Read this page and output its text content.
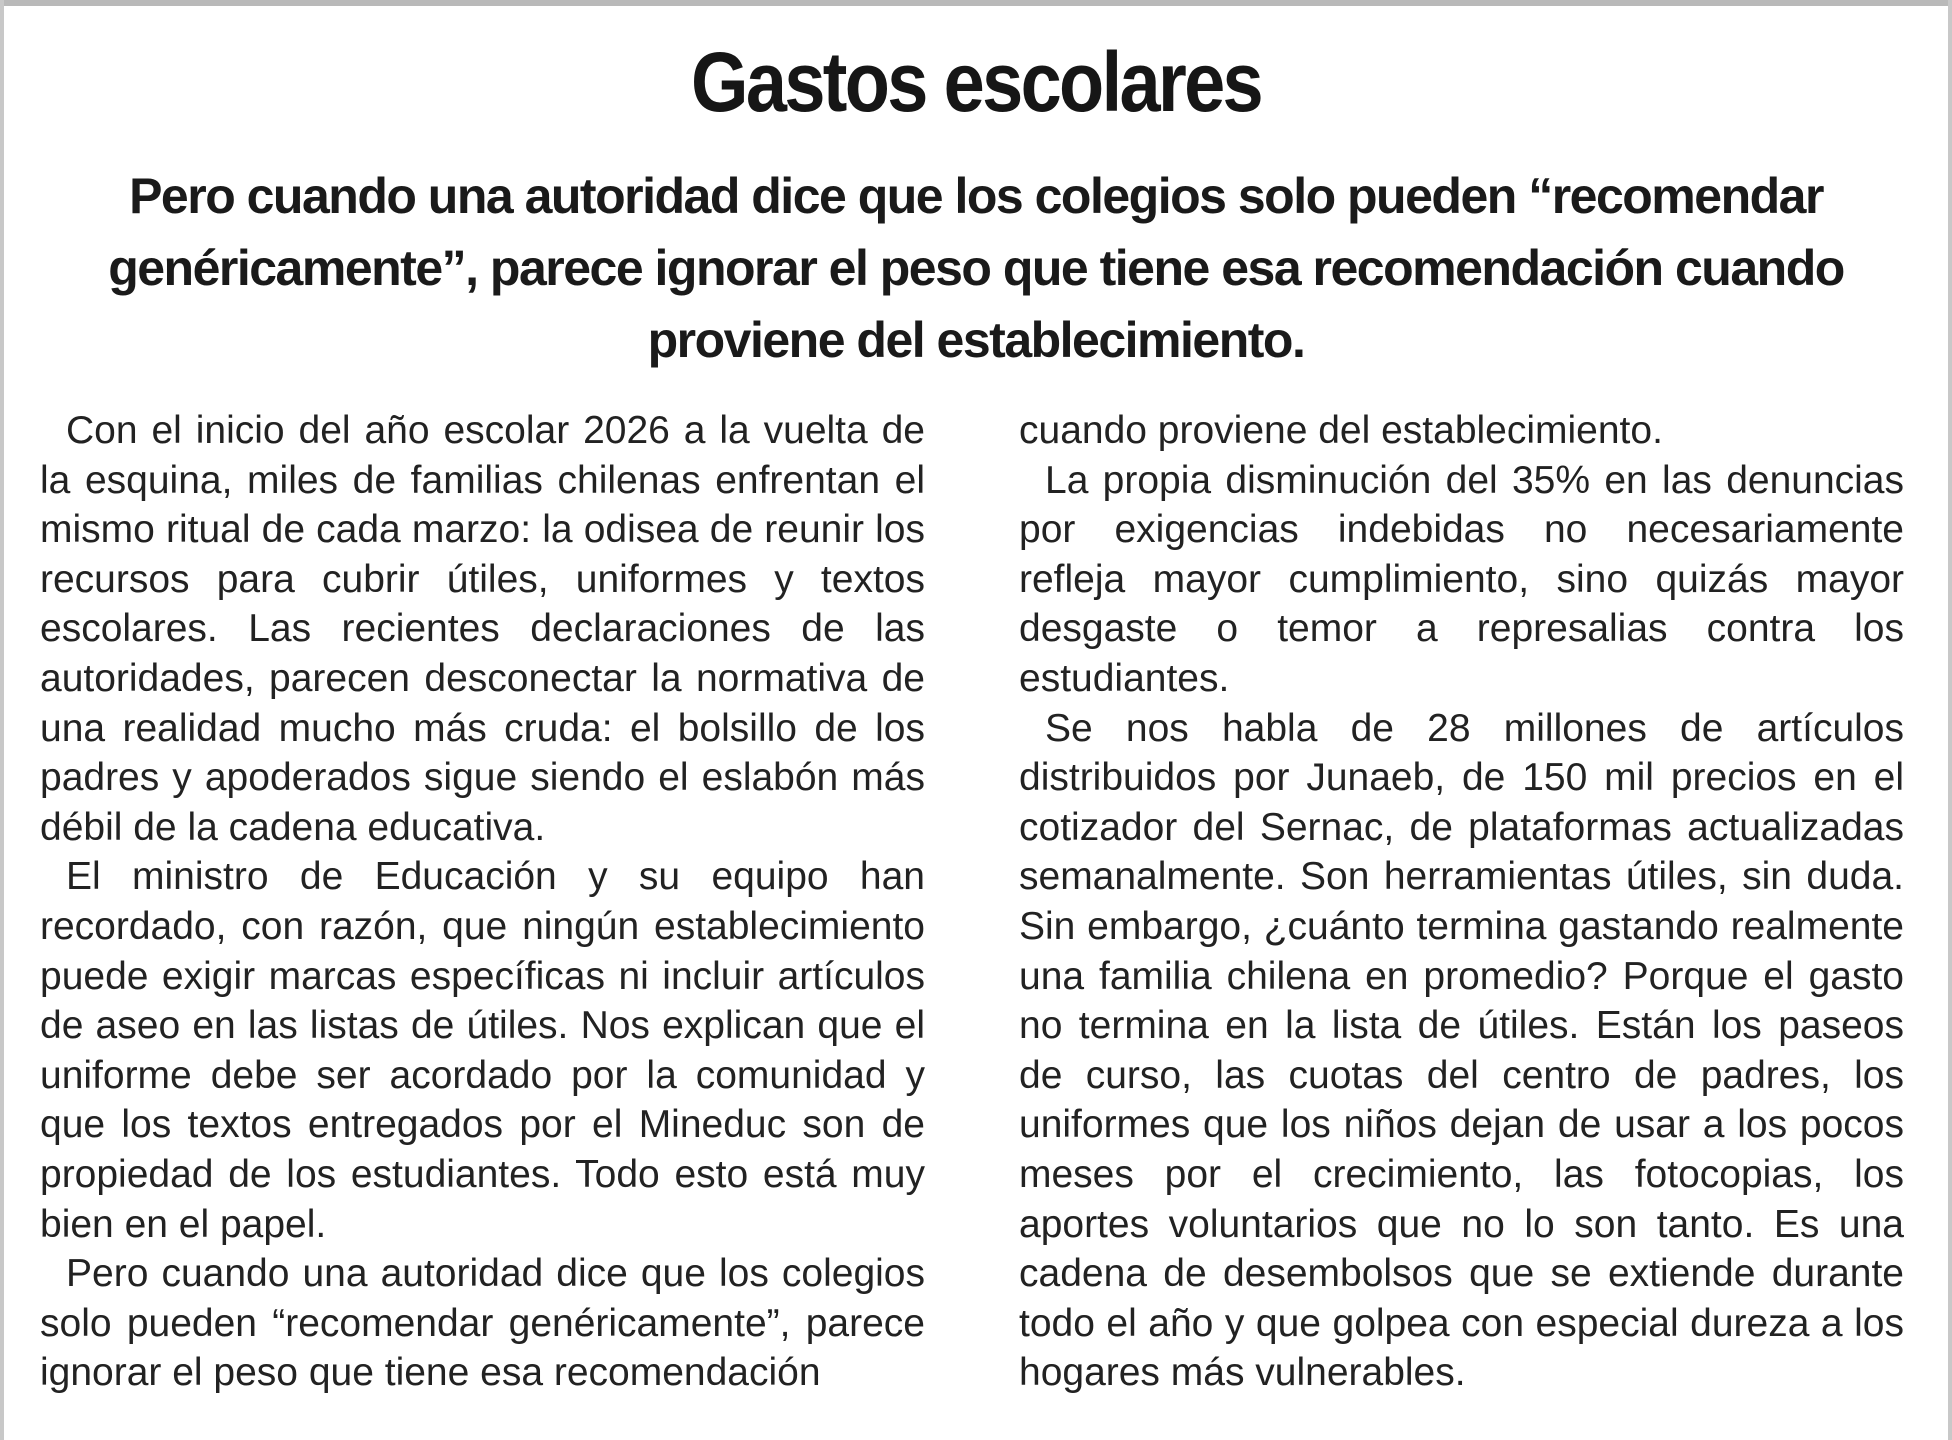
Gastos escolares

Pero cuando una autoridad dice que los colegios solo pueden “recomendar genéricamente”, parece ignorar el peso que tiene esa recomendación cuando proviene del establecimiento.

Con el inicio del año escolar 2026 a la vuelta de la esquina, miles de familias chilenas enfrentan el mismo ritual de cada marzo: la odisea de reunir los recursos para cubrir útiles, uniformes y textos escolares. Las recientes declaraciones de las autoridades, parecen desconectar la normativa de una realidad mucho más cruda: el bolsillo de los padres y apoderados sigue siendo el eslabón más débil de la cadena educativa.

El ministro de Educación y su equipo han recordado, con razón, que ningún establecimiento puede exigir marcas específicas ni incluir artículos de aseo en las listas de útiles. Nos explican que el uniforme debe ser acordado por la comunidad y que los textos entregados por el Mineduc son de propiedad de los estudiantes. Todo esto está muy bien en el papel.

Pero cuando una autoridad dice que los colegios solo pueden “recomendar genéricamente”, parece ignorar el peso que tiene esa recomendación

cuando proviene del establecimiento.

La propia disminución del 35% en las denuncias por exigencias indebidas no necesariamente refleja mayor cumplimiento, sino quizás mayor desgaste o temor a represalias contra los estudiantes.

Se nos habla de 28 millones de artículos distribuidos por Junaeb, de 150 mil precios en el cotizador del Sernac, de plataformas actualizadas semanalmente. Son herramientas útiles, sin duda. Sin embargo, ¿cuánto termina gastando realmente una familia chilena en promedio? Porque el gasto no termina en la lista de útiles. Están los paseos de curso, las cuotas del centro de padres, los uniformes que los niños dejan de usar a los pocos meses por el crecimiento, las fotocopias, los aportes voluntarios que no lo son tanto. Es una cadena de desembolsos que se extiende durante todo el año y que golpea con especial dureza a los hogares más vulnerables.
